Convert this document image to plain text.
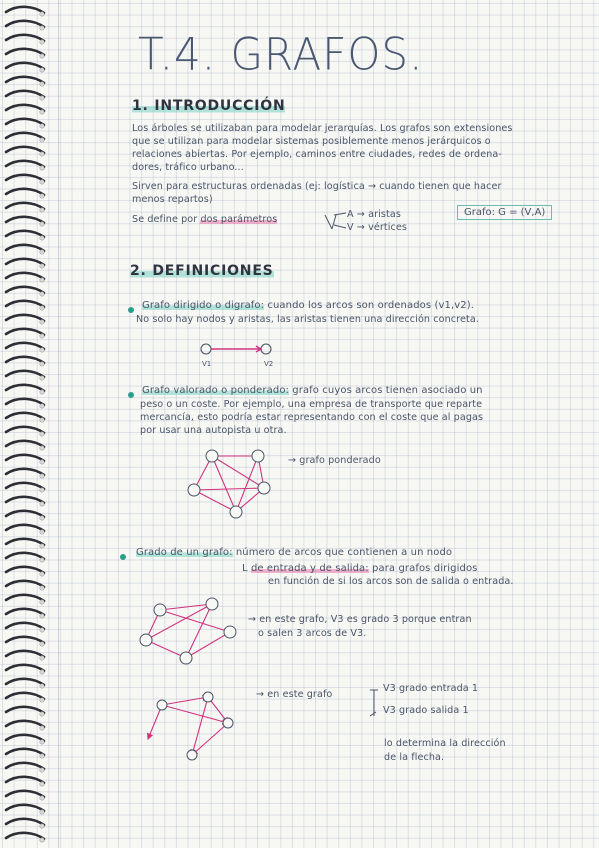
T.4. GRAFOS.
1. INTRODUCCIÓN
Los árboles se utilizaban para modelar jerarquías. Los grafos son extensiones
que se utilizan para modelar sistemas posiblemente menos jerárquicos o
relaciones abiertas. Por ejemplo, caminos entre ciudades, redes de ordena-
dores, tráfico urbano...
Sirven para estructuras ordenadas (ej: logística → cuando tienen que hacer
menos repartos)
Se define por dos parámetros	A → aristas
V → vértices
Grafo: G = (V,A)
2. DEFINICIONES
Grafo dirigido o digrafo: cuando los arcos son ordenados (v1,v2).
No solo hay nodos y aristas, las aristas tienen una dirección concreta.
V1	V2
Grafo valorado o ponderado: grafo cuyos arcos tienen asociado un
peso o un coste. Por ejemplo, una empresa de transporte que reparte
mercancía, esto podría estar representando con el coste que al pagas
por usar una autopista u otra.
→ grafo ponderado
Grado de un grafo: número de arcos que contienen a un nodo
L de entrada y de salida: para grafos dirigidos
en función de si los arcos son de salida o entrada.
→ en este grafo, V3 es grado 3 porque entran
o salen 3 arcos de V3.
→ en este grafo
V3 grado entrada 1
V3 grado salida 1
lo determina la dirección
de la flecha.
